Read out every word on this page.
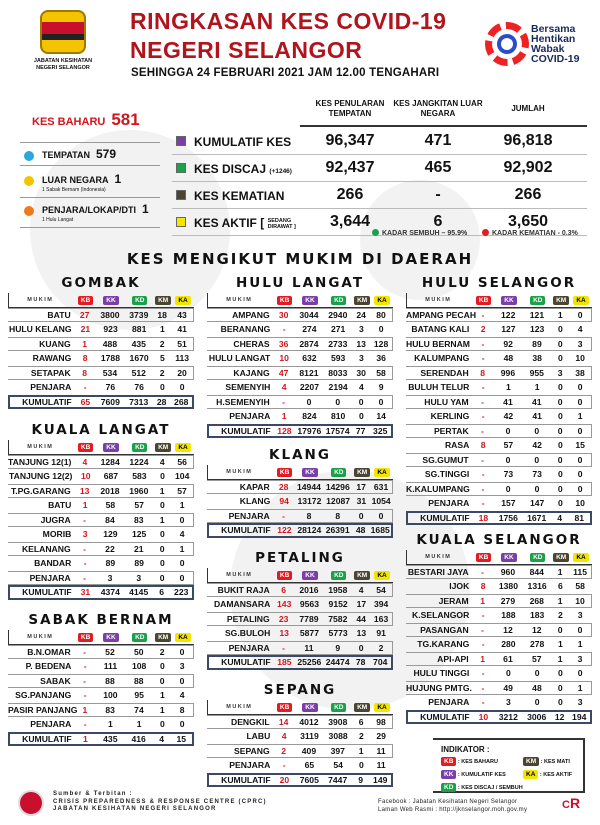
JABATAN KESIHATAN NEGERI SELANGOR
RINGKASAN KES COVID-19
NEGERI SELANGOR
SEHINGGA 24 FEBRUARI 2021 JAM 12.00 TENGAHARI
Bersama Hentikan Wabak COVID-19
KES BAHARU 581
TEMPATAN 579
LUAR NEGARA 1
1 Sabak Bernam (Indonesia)
PENJARA/LOKAP/DTI 1
1 Hulu Langat
KES PENULARAN TEMPATAN
KES JANGKITAN LUAR NEGARA
JUMLAH
KUMULATIF KES	96,347	471	96,818
KES DISCAJ (+1246)	92,437	465	92,902
KES KEMATIAN	266	-	266
KES AKTIF [ SEDANG DIRAWAT ]	3,644	6	3,650
KADAR SEMBUH – 95.9%	KADAR KEMATIAN - 0.3%
KES MENGIKUT MUKIM DI DAERAH
GOMBAK
MUKIM	KB	KK	KD	KM	KA
BATU	27	3800	3739	18	43
HULU KELANG	21	923	881	1	41
KUANG	1	488	435	2	51
RAWANG	8	1788	1670	5	113
SETAPAK	8	534	512	2	20
PENJARA	-	76	76	0	0
KUMULATIF	65	7609	7313	28 268
KUALA LANGAT
MUKIM	KB	KK	KD	KM	KA
TANJUNG 12(1)	4	1284	1224	4	56
TANJUNG 12(2)	10	687	583	0	104
T.PG.GARANG	13	2018	1960	1	57
BATU	1	58	57	0	1
JUGRA	-	84	83	1	0
MORIB	3	129	125	0	4
KELANANG	-	22	21	0	1
BANDAR	-	89	89	0	0
PENJARA	-	3	3	0	0
KUMULATIF	31	4374	4145	6	223
SABAK BERNAM
MUKIM	KB	KK	KD	KM	KA
B.N.OMAR	-	52	50	2	0
P. BEDENA	-	111	108	0	3
SABAK	-	88	88	0	0
SG.PANJANG	-	100	95	1	4
PASIR PANJANG 1	83	74	1	8
PENJARA	-	1	1	0	0
KUMULATIF	1	435	416	4	15
HULU LANGAT
MUKIM	KB	KK	KD	KM	KA
AMPANG	30	3044	2940	24	80
BERANANG	-	274	271	3	0
CHERAS	36	2874	2733	13 128
HULU LANGAT	10	632	593	3	36
KAJANG	47	8121	8033	30	58
SEMENYIH	4	2207	2194	4	9
H.SEMENYIH	-	0	0	0	0
PENJARA	1	824	810	0	14
KUMULATIF 128 17976 17574 77 325
KLANG
MUKIM	KB	KK	KD	KM	KA
KAPAR	28	14944 14296 17 631
KLANG	94 13172 12087 31 1054
PENJARA	-	8	8	0	0
KUMULATIF 122 28124 26391 48 1685
PETALING
MUKIM	KB	KK	KD	KM	KA
BUKIT RAJA	6	2016	1958	4	54
DAMANSARA 143 9563	9152	17 394
PETALING	23	7789	7582	44 163
SG.BULOH	13	5877	5773	13	91
PENJARA	-	11	9	0	2
KUMULATIF 185 25256 24474 78 704
SEPANG
MUKIM	KB	KK	KD	KM	KA
DENGKIL	14	4012	3908	6	98
LABU	4	3119	3088	2	29
SEPANG	2	409	397	1	11
PENJARA	-	65	54	0	11
KUMULATIF	20	7605	7447	9	149
HULU SELANGOR
MUKIM	KB	KK	KD	KM	KA
AMPANG PECAH -	122	121	1	0
BATANG KALI	2	127	123	0	4
HULU BERNAM	-	92	89	0	3
KALUMPANG	-	48	38	0	10
SERENDAH	8	996	955	3	38
BULUH TELUR	-	1	1	0	0
HULU YAM	-	41	41	0	0
KERLING	-	42	41	0	1
PERTAK	-	0	0	0	0
RASA	8	57	42	0	15
SG.GUMUT	-	0	0	0	0
SG.TINGGI	-	73	73	0	0
K.KALUMPANG	-	0	0	0	0
PENJARA	-	157	147	0	10
KUMULATIF	18	1756	1671	4	81
KUALA SELANGOR
MUKIM	KB	KK	KD	KM	KA
BESTARI JAYA	-	960	844	1	115
IJOK	8	1380	1316	6	58
JERAM	1	279	268	1	10
K.SELANGOR	-	188	183	2	3
PASANGAN	-	12	12	0	0
TG.KARANG	-	280	278	1	1
API-API	1	61	57	1	3
HULU TINGGI	-	0	0	0	0
HUJUNG PMTG.	-	49	48	0	1
PENJARA	-	3	0	0	3
KUMULATIF	10	3212	3006	12 194
INDIKATOR :
KB : KES BAHARU	KM : KES MATI
KK : KUMULATIF KES	KA : KES AKTIF
KD : KES DISCAJ / SEMBUH
Sumber & Terbitan :
CRISIS PREPAREDNESS & RESPONSE CENTRE (CPRC)
JABATAN KESIHATAN NEGERI SELANGOR
Facebook : Jabatan Kesihatan Negeri Selangor
Laman Web Rasmi : http://jknselangor.moh.gov.my	CR
